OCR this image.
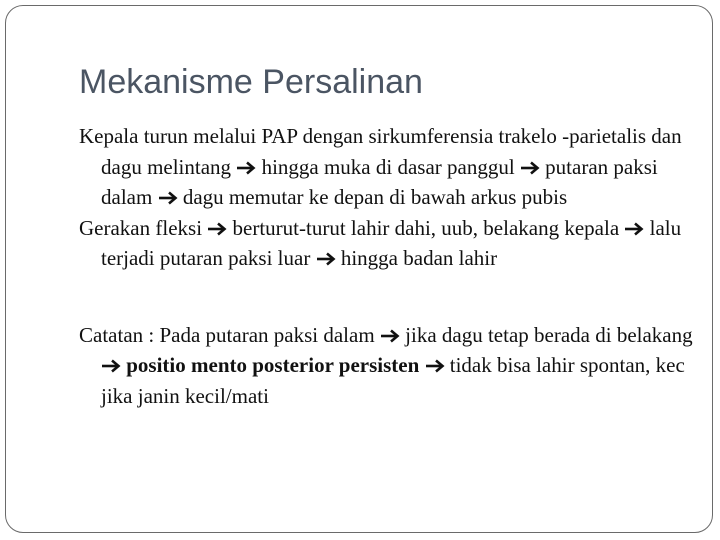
Mekanisme Persalinan

Kepala turun melalui PAP dengan sirkumferensia trakelo -parietalis dan dagu melintang
hingga muka di dasar panggul
putaran paksi dalam
dagu memutar ke depan di bawah arkus pubis

Gerakan fleksi
berturut-turut lahir dahi, uub, belakang kepala
lalu terjadi putaran paksi luar
hingga badan lahir

Catatan : Pada putaran paksi dalam
jika dagu tetap berada di belakang
positio mento posterior persisten
tidak bisa lahir spontan, kec jika janin kecil/mati
